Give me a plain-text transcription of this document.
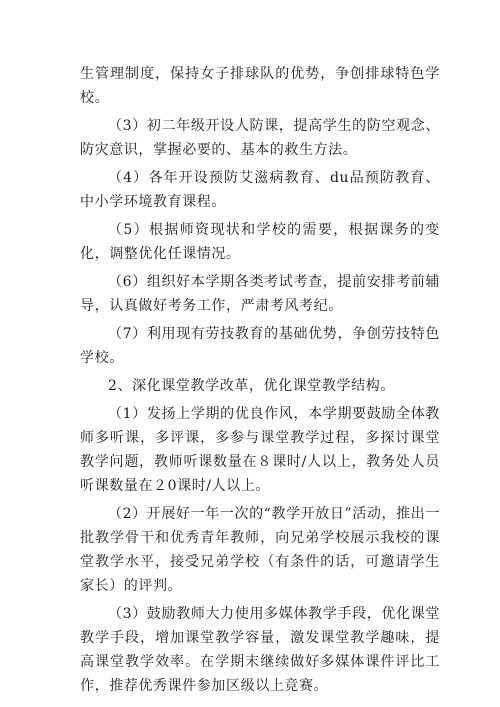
生管理制度，保持女子排球队的优势，争创排球特色学校。

（3）初二年级开设人防课，提高学生的防空观念、防灾意识，掌握必要的、基本的救生方法。

（4）各年开设预防艾滋病教育、du品预防教育、中小学环境教育课程。

（5）根据师资现状和学校的需要，根据课务的变化，调整优化任课情况。

（6）组织好本学期各类考试考查，提前安排考前辅导，认真做好考务工作，严肃考风考纪。

（7）利用现有劳技教育的基础优势，争创劳技特色学校。

2、深化课堂教学改革，优化课堂教学结构。

（1）发扬上学期的优良作风，本学期要鼓励全体教师多听课，多评课，多参与课堂教学过程，多探讨课堂教学问题，教师听课数量在８课时/人以上，教务处人员听课数量在２0课时/人以上。

（2）开展好一年一次的“教学开放日”活动，推出一批教学骨干和优秀青年教师，向兄弟学校展示我校的课堂教学水平，接受兄弟学校（有条件的话，可邀请学生家长）的评判。

（3）鼓励教师大力使用多媒体教学手段，优化课堂教学手段，增加课堂教学容量，激发课堂教学趣味，提高课堂教学效率。在学期末继续做好多媒体课件评比工作，推荐优秀课件参加区级以上竞赛。
